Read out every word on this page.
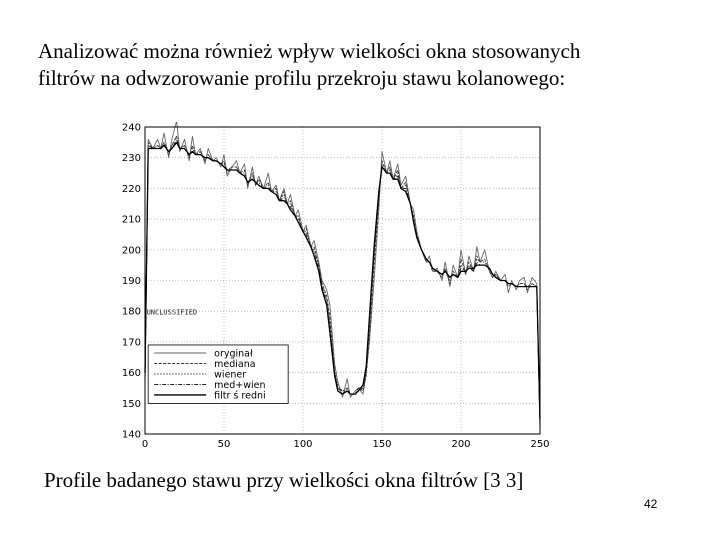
Analizować można również wpływ wielkości okna stosowanych
filtrów na odwzorowanie profilu przekroju stawu kolanowego:
0	50	100	150	200	250
140
150
160
170
180
190
200
210
220
230
240
UNCLUSSIFIED
oryginał
mediana
wiener
med+wien
filtr ś redni
Profile badanego stawu przy wielkości okna filtrów [3 3]
42
